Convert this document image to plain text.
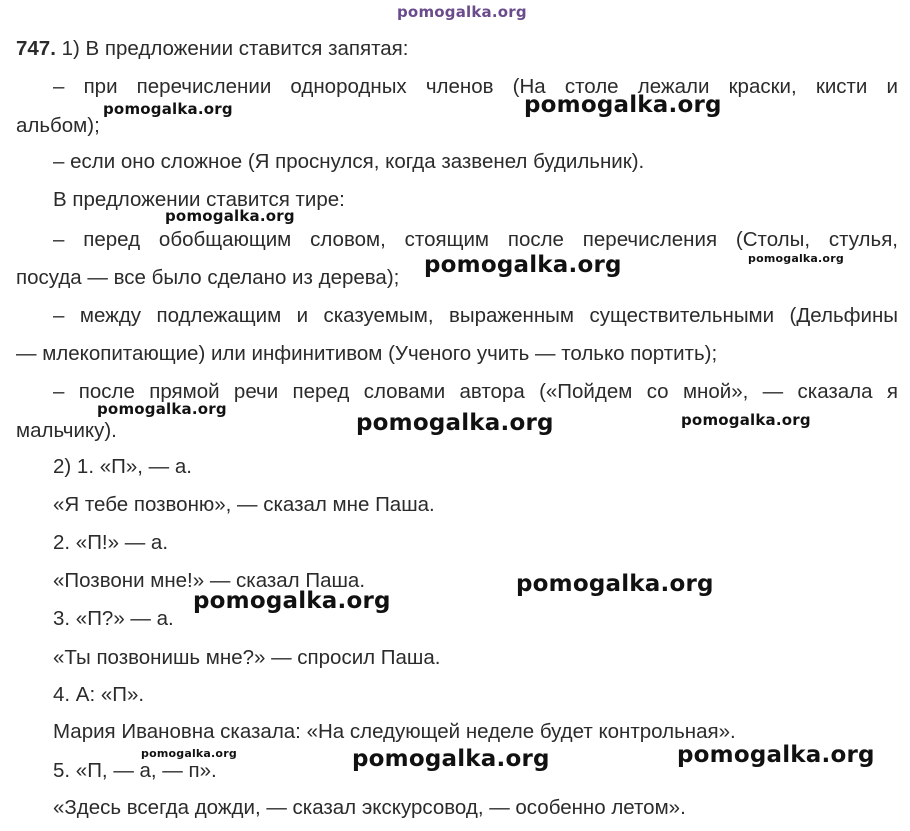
747. 1) В предложении ставится запятая:
– при перечислении однородных членов (На столе лежали краски, кисти и
альбом);
– если оно сложное (Я проснулся, когда зазвенел будильник).
В предложении ставится тире:
– перед обобщающим словом, стоящим после перечисления (Столы, стулья,
посуда — все было сделано из дерева);
– между подлежащим и сказуемым, выраженным существительными (Дельфины
— млекопитающие) или инфинитивом (Ученого учить — только портить);
– после прямой речи перед словами автора («Пойдем со мной», — сказала я
мальчику).
2) 1. «П», — а.
«Я тебе позвоню», — сказал мне Паша.
2. «П!» — а.
«Позвони мне!» — сказал Паша.
3. «П?» — а.
«Ты позвонишь мне?» — спросил Паша.
4. А: «П».
Мария Ивановна сказала: «На следующей неделе будет контрольная».
5. «П, — а, — п».
«Здесь всегда дожди, — сказал экскурсовод, — особенно летом».
pomogalka.org
pomogalka.org	pomogalka.org
pomogalka.org
pomogalka.org	pomogalka.org
pomogalka.org
pomogalka.org	pomogalka.org
pomogalka.org
pomogalka.org
pomogalka.org	pomogalka.org	pomogalka.org
